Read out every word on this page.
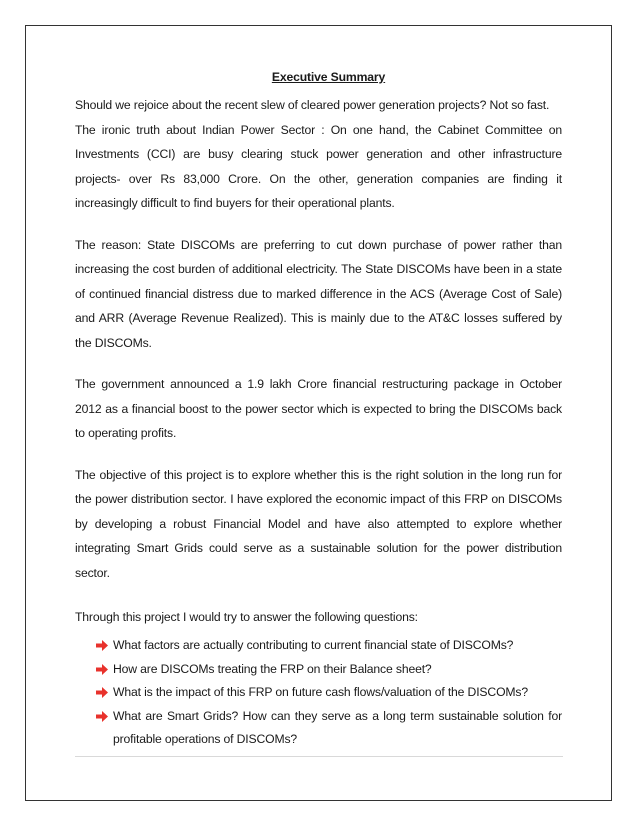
Executive Summary

Should we rejoice about the recent slew of cleared power generation projects? Not so fast.

The ironic truth about Indian Power Sector : On one hand, the Cabinet Committee on Investments (CCI) are busy clearing stuck power generation and other infrastructure projects- over Rs 83,000 Crore. On the other, generation companies are finding it increasingly difficult to find buyers for their operational plants.

The reason: State DISCOMs are preferring to cut down purchase of power rather than increasing the cost burden of additional electricity. The State DISCOMs have been in a state of continued financial distress due to marked difference in the ACS (Average Cost of Sale) and ARR (Average Revenue Realized). This is mainly due to the AT&C losses suffered by the DISCOMs.

The government announced a 1.9 lakh Crore financial restructuring package in October 2012 as a financial boost to the power sector which is expected to bring the DISCOMs back to operating profits.

The objective of this project is to explore whether this is the right solution in the long run for the power distribution sector. I have explored the economic impact of this FRP on DISCOMs by developing a robust Financial Model and have also attempted to explore whether integrating Smart Grids could serve as a sustainable solution for the power distribution sector.

Through this project I would try to answer the following questions:

What factors are actually contributing to current financial state of DISCOMs?
How are DISCOMs treating the FRP on their Balance sheet?
What is the impact of this FRP on future cash flows/valuation of the DISCOMs?
What are Smart Grids? How can they serve as a long term sustainable solution for profitable operations of DISCOMs?
